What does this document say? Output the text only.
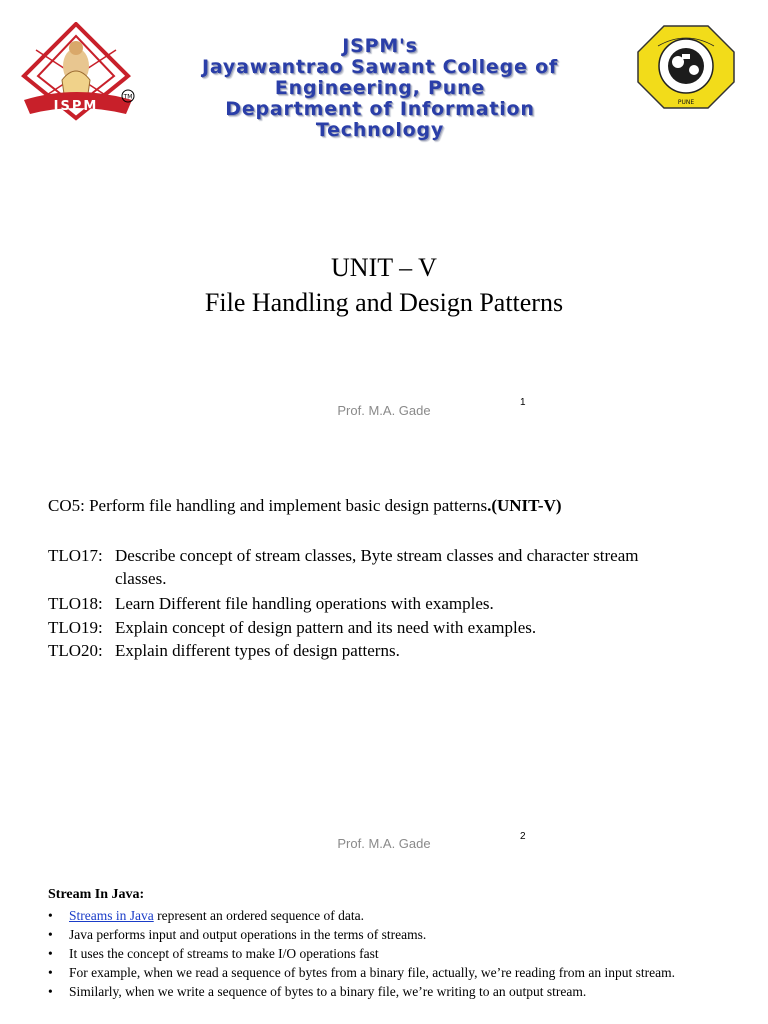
TM
JSPM
JSPM's
Jayawantrao Sawant College of
Engineering, Pune
Department of Information
Technology
PUNE
UNIT – V
File Handling and Design Patterns
Prof. M.A. Gade
1
CO5: Perform file handling and implement basic design patterns.(UNIT-V)
TLO17: Describe concept of stream classes, Byte stream classes and character stream
classes.
TLO18: Learn Different file handling operations with examples.
TLO19: Explain concept of design pattern and its need with examples.
TLO20: Explain different types of design patterns.
Prof. M.A. Gade	2
Stream In Java:
• Streams in Java represent an ordered sequence of data.
• Java performs input and output operations in the terms of streams.
• It uses the concept of streams to make I/O operations fast
• For example, when we read a sequence of bytes from a binary file, actually, we’re reading from an input stream.
• Similarly, when we write a sequence of bytes to a binary file, we’re writing to an output stream.
